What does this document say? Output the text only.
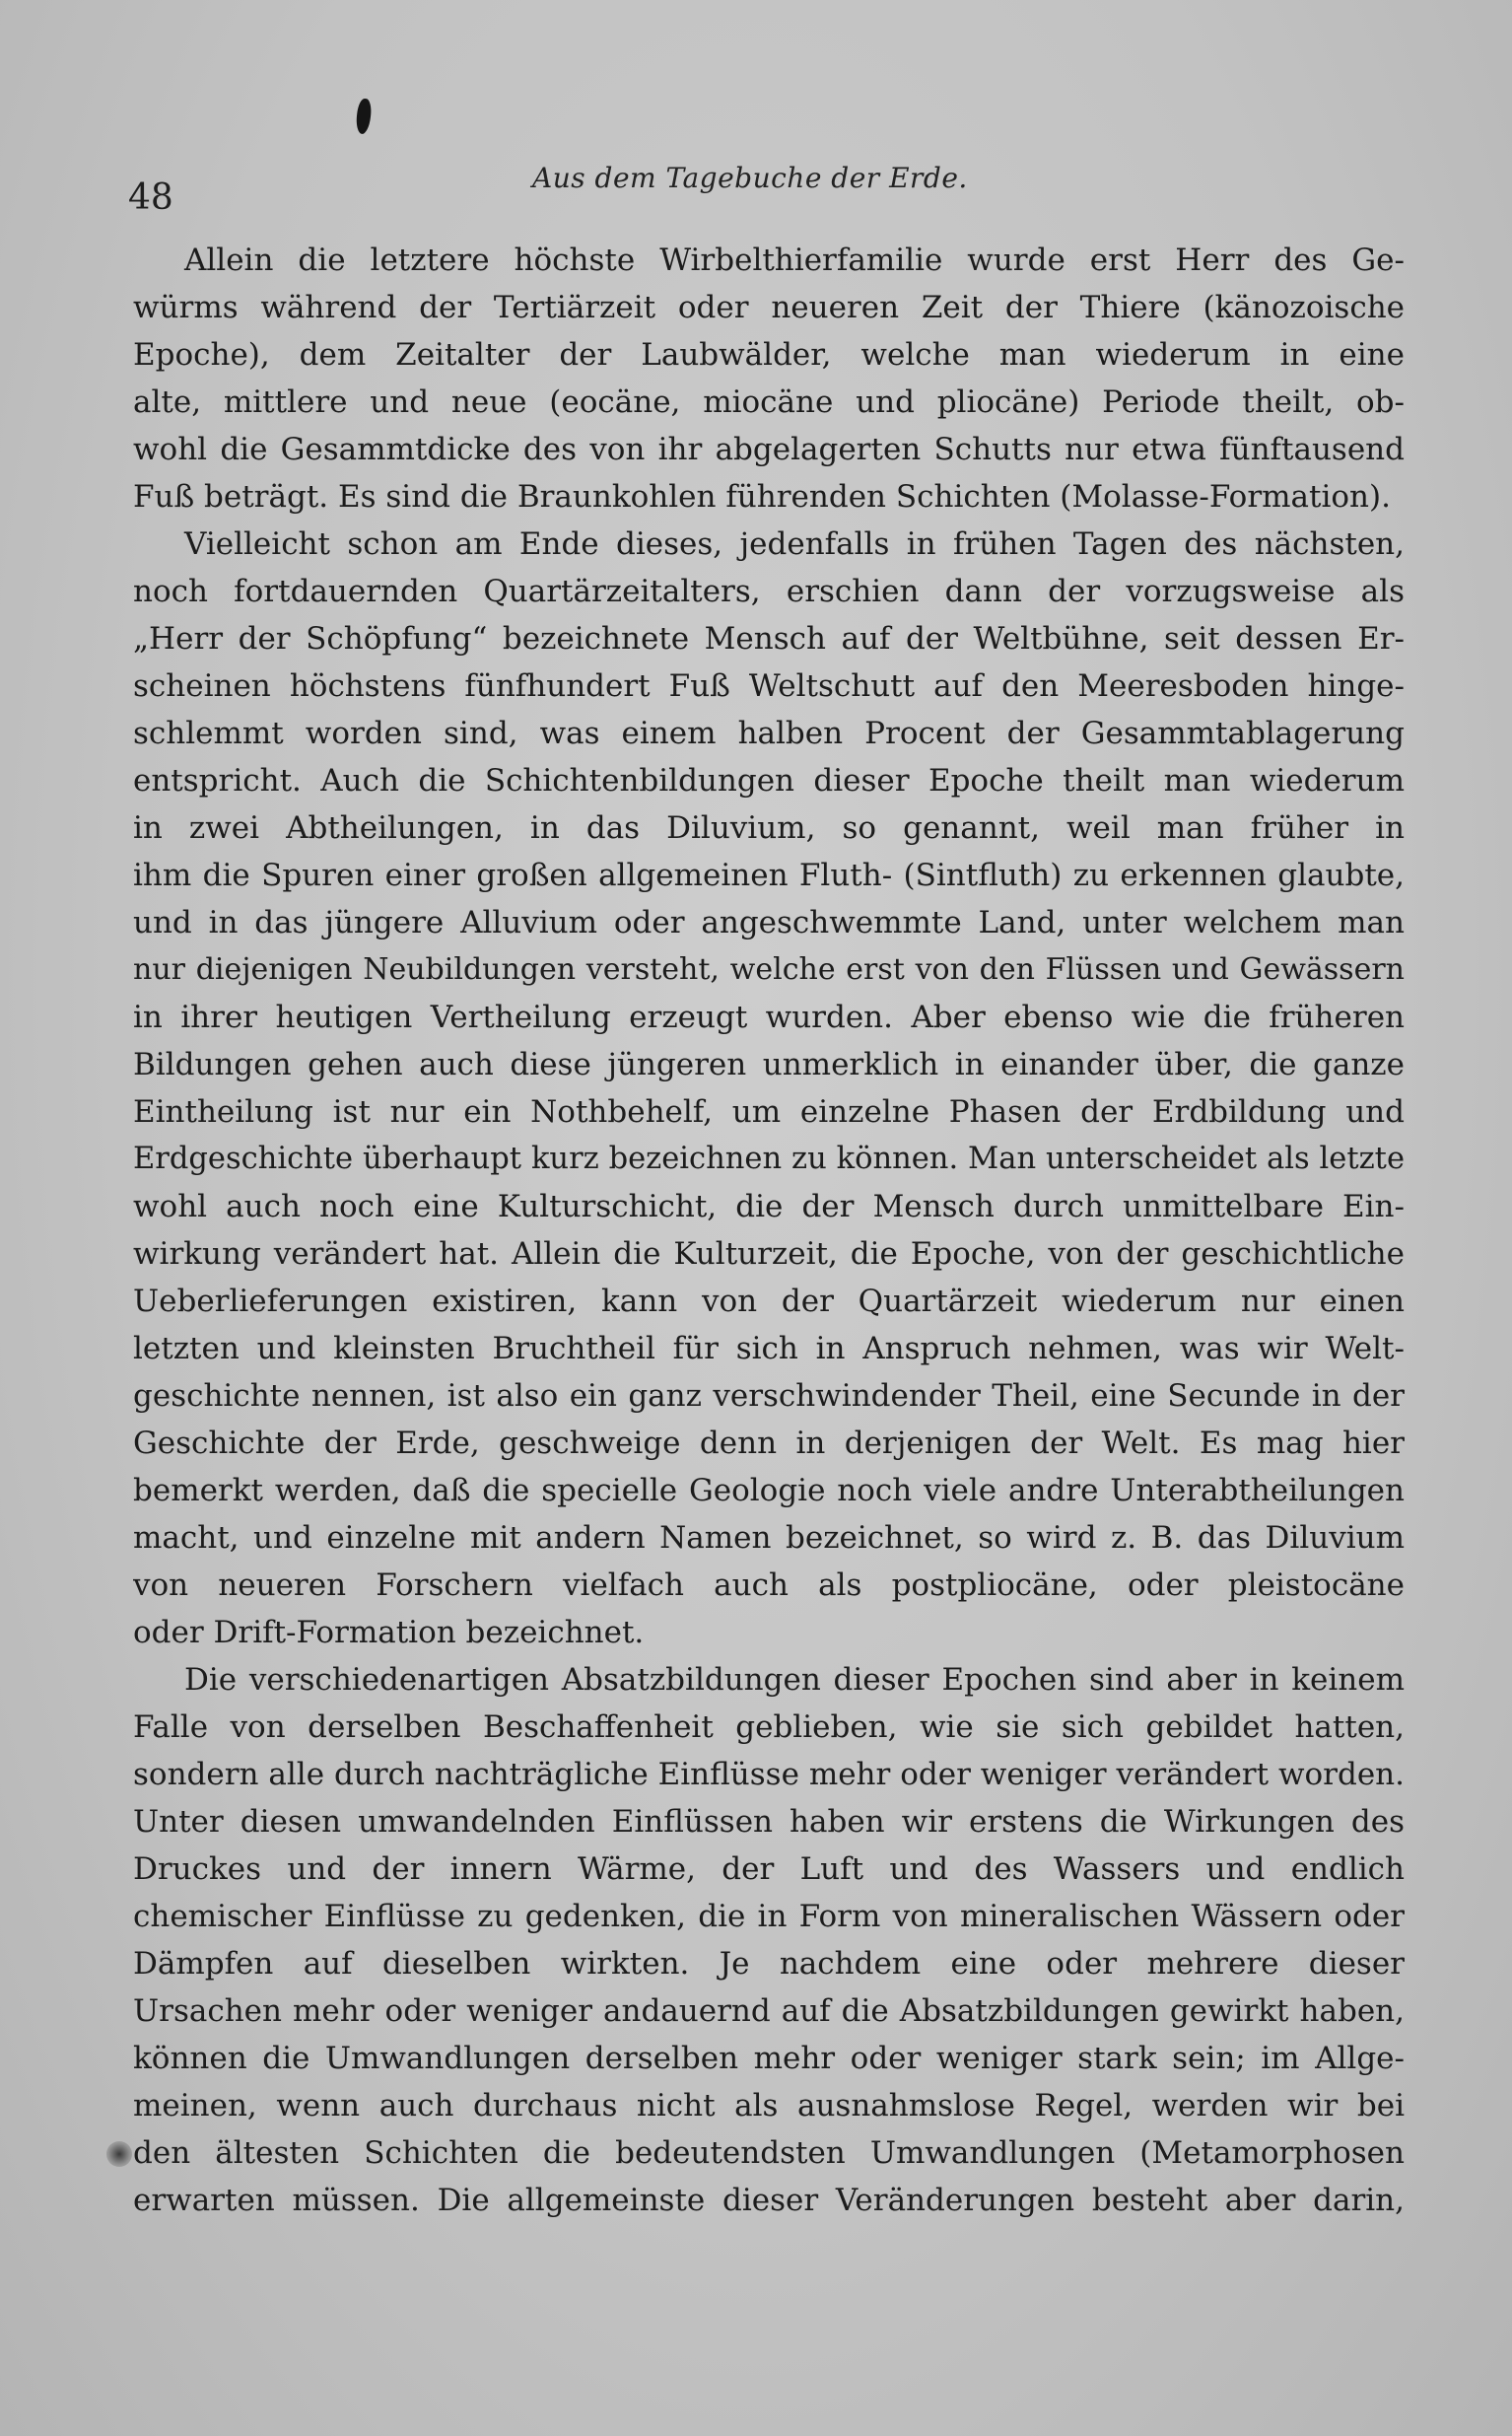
48	Aus dem Tagebuche der Erde.
Allein die letztere höchste Wirbelthierfamilie wurde erst Herr des Ge-
würms während der Tertiärzeit oder neueren Zeit der Thiere (känozoische
Epoche), dem Zeitalter der Laubwälder, welche man wiederum in eine
alte, mittlere und neue (eocäne, miocäne und pliocäne) Periode theilt, ob-
wohl die Gesammtdicke des von ihr abgelagerten Schutts nur etwa fünftausend
Fuß beträgt. Es sind die Braunkohlen führenden Schichten (Molasse-Formation).
Vielleicht schon am Ende dieses, jedenfalls in frühen Tagen des nächsten,
noch fortdauernden Quartärzeitalters, erschien dann der vorzugsweise als
„Herr der Schöpfung“ bezeichnete Mensch auf der Weltbühne, seit dessen Er-
scheinen höchstens fünfhundert Fuß Weltschutt auf den Meeresboden hinge-
schlemmt worden sind, was einem halben Procent der Gesammtablagerung
entspricht. Auch die Schichtenbildungen dieser Epoche theilt man wiederum
in zwei Abtheilungen, in das Diluvium, so genannt, weil man früher in
ihm die Spuren einer großen allgemeinen Fluth- (Sintfluth) zu erkennen glaubte,
und in das jüngere Alluvium oder angeschwemmte Land, unter welchem man
nur diejenigen Neubildungen versteht, welche erst von den Flüssen und Gewässern
in ihrer heutigen Vertheilung erzeugt wurden. Aber ebenso wie die früheren
Bildungen gehen auch diese jüngeren unmerklich in einander über, die ganze
Eintheilung ist nur ein Nothbehelf, um einzelne Phasen der Erdbildung und
Erdgeschichte überhaupt kurz bezeichnen zu können. Man unterscheidet als letzte
wohl auch noch eine Kulturschicht, die der Mensch durch unmittelbare Ein-
wirkung verändert hat. Allein die Kulturzeit, die Epoche, von der geschichtliche
Ueberlieferungen existiren, kann von der Quartärzeit wiederum nur einen
letzten und kleinsten Bruchtheil für sich in Anspruch nehmen, was wir Welt-
geschichte nennen, ist also ein ganz verschwindender Theil, eine Secunde in der
Geschichte der Erde, geschweige denn in derjenigen der Welt. Es mag hier
bemerkt werden, daß die specielle Geologie noch viele andre Unterabtheilungen
macht, und einzelne mit andern Namen bezeichnet, so wird z. B. das Diluvium
von neueren Forschern vielfach auch als postpliocäne, oder pleistocäne
oder Drift-Formation bezeichnet.
Die verschiedenartigen Absatzbildungen dieser Epochen sind aber in keinem
Falle von derselben Beschaffenheit geblieben, wie sie sich gebildet hatten,
sondern alle durch nachträgliche Einflüsse mehr oder weniger verändert worden.
Unter diesen umwandelnden Einflüssen haben wir erstens die Wirkungen des
Druckes und der innern Wärme, der Luft und des Wassers und endlich
chemischer Einflüsse zu gedenken, die in Form von mineralischen Wässern oder
Dämpfen auf dieselben wirkten. Je nachdem eine oder mehrere dieser
Ursachen mehr oder weniger andauernd auf die Absatzbildungen gewirkt haben,
können die Umwandlungen derselben mehr oder weniger stark sein; im Allge-
meinen, wenn auch durchaus nicht als ausnahmslose Regel, werden wir bei
den ältesten Schichten die bedeutendsten Umwandlungen (Metamorphosen
erwarten müssen. Die allgemeinste dieser Veränderungen besteht aber darin,
